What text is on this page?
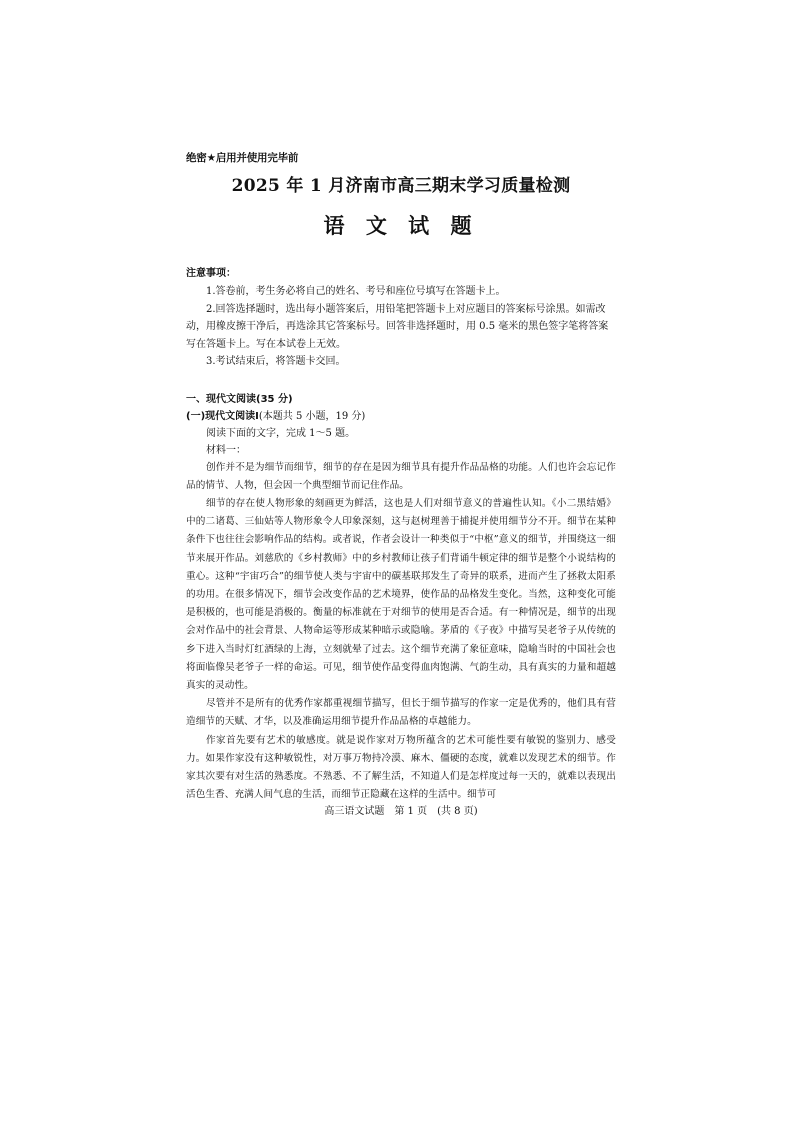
绝密★启用并使用完毕前
2025 年 1 月济南市高三期末学习质量检测
语 文 试 题
注意事项：

1.答卷前，考生务必将自己的姓名、考号和座位号填写在答题卡上。

2.回答选择题时，选出每小题答案后，用铅笔把答题卡上对应题目的答案标号涂黑。如需改动，用橡皮擦干净后，再选涂其它答案标号。回答非选择题时，用 0.5 毫米的黑色签字笔将答案写在答题卡上。写在本试卷上无效。

3.考试结束后，将答题卡交回。

一、现代文阅读(35 分)
(一)现代文阅读Ⅰ(本题共 5 小题，19 分)
阅读下面的文字，完成 1～5 题。
材料一：

创作并不是为细节而细节，细节的存在是因为细节具有提升作品品格的功能。人们也许会忘记作品的情节、人物，但会因一个典型细节而记住作品。

细节的存在使人物形象的刻画更为鲜活，这也是人们对细节意义的普遍性认知。《小二黑结婚》中的二诸葛、三仙姑等人物形象令人印象深刻，这与赵树理善于捕捉并使用细节分不开。细节在某种条件下也往往会影响作品的结构。或者说，作者会设计一种类似于“中枢”意义的细节，并围绕这一细节来展开作品。刘慈欣的《乡村教师》中的乡村教师让孩子们背诵牛顿定律的细节是整个小说结构的重心。这种“宇宙巧合”的细节使人类与宇宙中的碳基联邦发生了奇异的联系，进而产生了拯救太阳系的功用。在很多情况下，细节会改变作品的艺术境界，使作品的品格发生变化。当然，这种变化可能是积极的，也可能是消极的。衡量的标准就在于对细节的使用是否合适。有一种情况是，细节的出现会对作品中的社会背景、人物命运等形成某种暗示或隐喻。茅盾的《子夜》中描写吴老爷子从传统的乡下进入当时灯红酒绿的上海，立刻就晕了过去。这个细节充满了象征意味，隐喻当时的中国社会也将面临像吴老爷子一样的命运。可见，细节使作品变得血肉饱满、气韵生动，具有真实的力量和超越真实的灵动性。

尽管并不是所有的优秀作家都重视细节描写，但长于细节描写的作家一定是优秀的，他们具有营造细节的天赋、才华，以及准确运用细节提升作品品格的卓越能力。

作家首先要有艺术的敏感度。就是说作家对万物所蕴含的艺术可能性要有敏锐的鉴别力、感受力。如果作家没有这种敏锐性，对万事万物持冷漠、麻木、僵硬的态度，就难以发现艺术的细节。作家其次要有对生活的熟悉度。不熟悉、不了解生活，不知道人们是怎样度过每一天的，就难以表现出活色生香、充满人间气息的生活，而细节正隐藏在这样的生活中。细节可

高三语文试题　第 1 页　(共 8 页)
